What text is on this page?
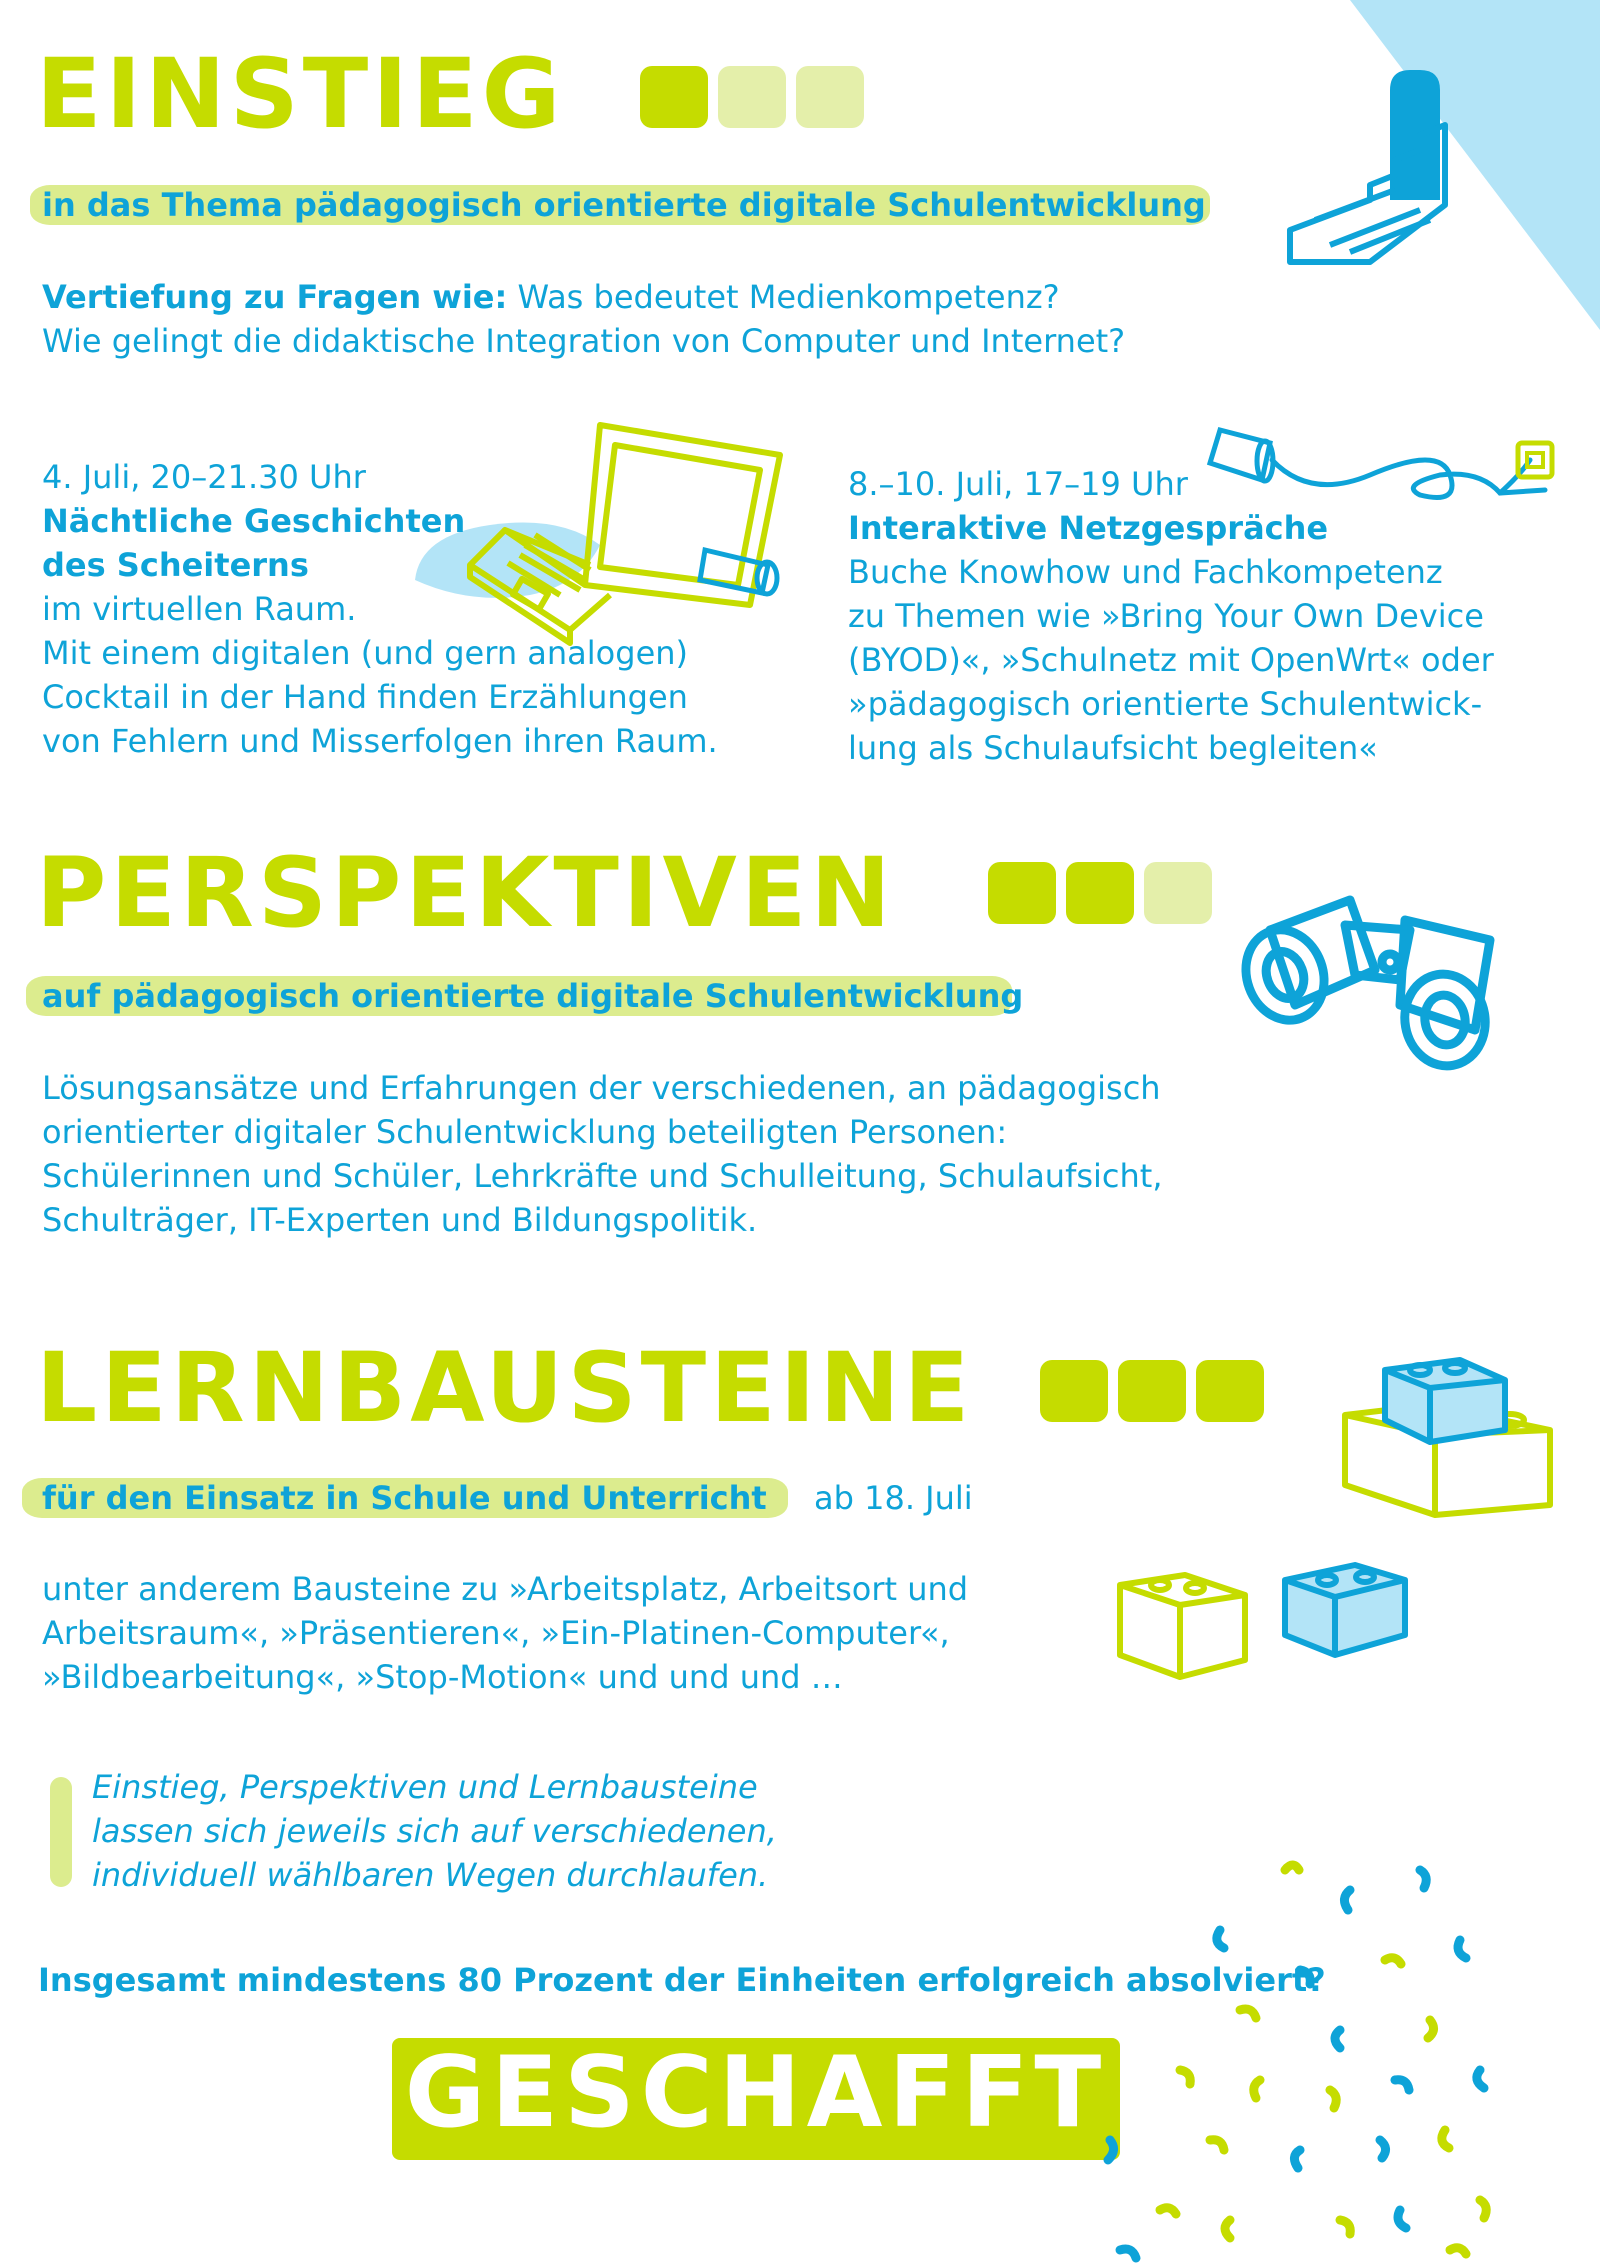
EINSTIEG
in das Thema pädagogisch orientierte digitale Schulentwicklung
Vertiefung zu Fragen wie: Was bedeutet Medienkompetenz?
Wie gelingt die didaktische Integration von Computer und Internet?
4. Juli, 20–21.30 Uhr
Nächtliche Geschichten
des Scheiterns
im virtuellen Raum.
Mit einem digitalen (und gern analogen)
Cocktail in der Hand finden Erzählungen
von Fehlern und Misserfolgen ihren Raum.
8.–10. Juli, 17–19 Uhr
Interaktive Netzgespräche
Buche Knowhow und Fachkompetenz
zu Themen wie »Bring Your Own Device
(BYOD)«, »Schulnetz mit OpenWrt« oder
»pädagogisch orientierte Schulentwick-
lung als Schulaufsicht begleiten«
PERSPEKTIVEN
auf pädagogisch orientierte digitale Schulentwicklung
Lösungsansätze und Erfahrungen der verschiedenen, an pädagogisch
orientierter digitaler Schulentwicklung beteiligten Personen:
Schülerinnen und Schüler, Lehrkräfte und Schulleitung, Schulaufsicht,
Schulträger, IT-Experten und Bildungspolitik.
LERNBAUSTEINE
für den Einsatz in Schule und Unterricht ab 18. Juli
unter anderem Bausteine zu »Arbeitsplatz, Arbeitsort und
Arbeitsraum«, »Präsentieren«, »Ein-Platinen-Computer«,
»Bildbearbeitung«, »Stop-Motion« und und und …
Einstieg, Perspektiven und Lernbausteine
lassen sich jeweils sich auf verschiedenen,
individuell wählbaren Wegen durchlaufen.
Insgesamt mindestens 80 Prozent der Einheiten erfolgreich absolviert?
GESCHAFFT
